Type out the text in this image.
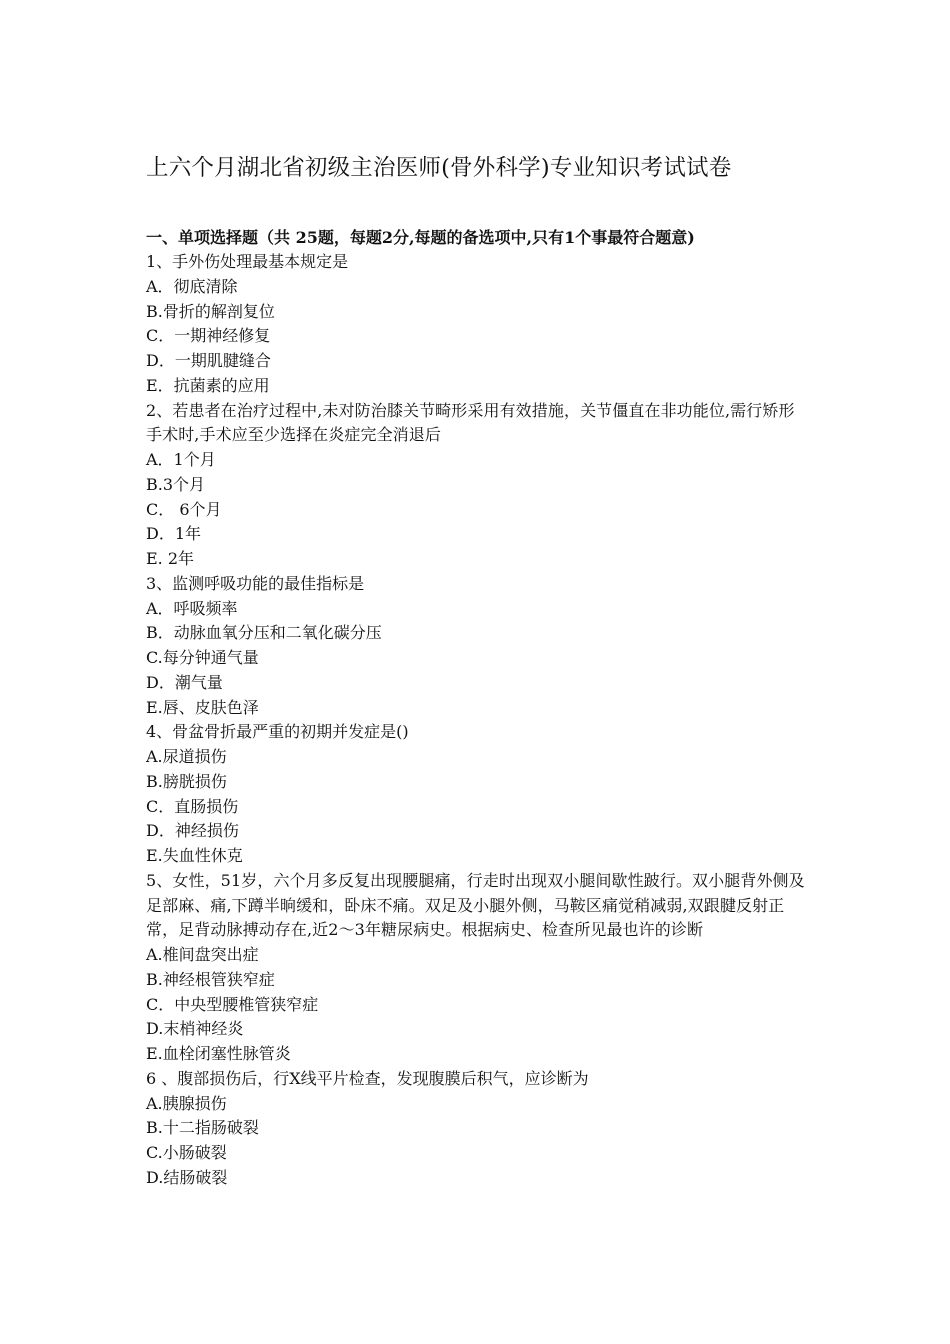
上六个月湖北省初级主治医师(骨外科学)专业知识考试试卷
一、单项选择题（共 25题，每题2分,每题的备选项中,只有1个事最符合题意)
1、手外伤处理最基本规定是
A．彻底清除
B.骨折的解剖复位
C．一期神经修复
D．一期肌腱缝合
E．抗菌素的应用
2、若患者在治疗过程中,未对防治膝关节畸形采用有效措施，关节僵直在非功能位,需行矫形手术时,手术应至少选择在炎症完全消退后
A．1个月
B.3个月
C． 6个月
D．1年
E. 2年
3、监测呼吸功能的最佳指标是
A．呼吸频率
B．动脉血氧分压和二氧化碳分压
C.每分钟通气量
D．潮气量
E.唇、皮肤色泽
4、骨盆骨折最严重的初期并发症是()
A.尿道损伤
B.膀胱损伤
C．直肠损伤
D．神经损伤
E.失血性休克
5、女性，51岁，六个月多反复出现腰腿痛，行走时出现双小腿间歇性跛行。双小腿背外侧及足部麻、痛,下蹲半晌缓和，卧床不痛。双足及小腿外侧，马鞍区痛觉稍减弱,双跟腱反射正常，足背动脉搏动存在,近2～3年糖尿病史。根据病史、检查所见最也许的诊断
A.椎间盘突出症
B.神经根管狭窄症
C．中央型腰椎管狭窄症
D.末梢神经炎
E.血栓闭塞性脉管炎
6 、腹部损伤后，行X线平片检查，发现腹膜后积气，应诊断为
A.胰腺损伤
B.十二指肠破裂
C.小肠破裂
D.结肠破裂
